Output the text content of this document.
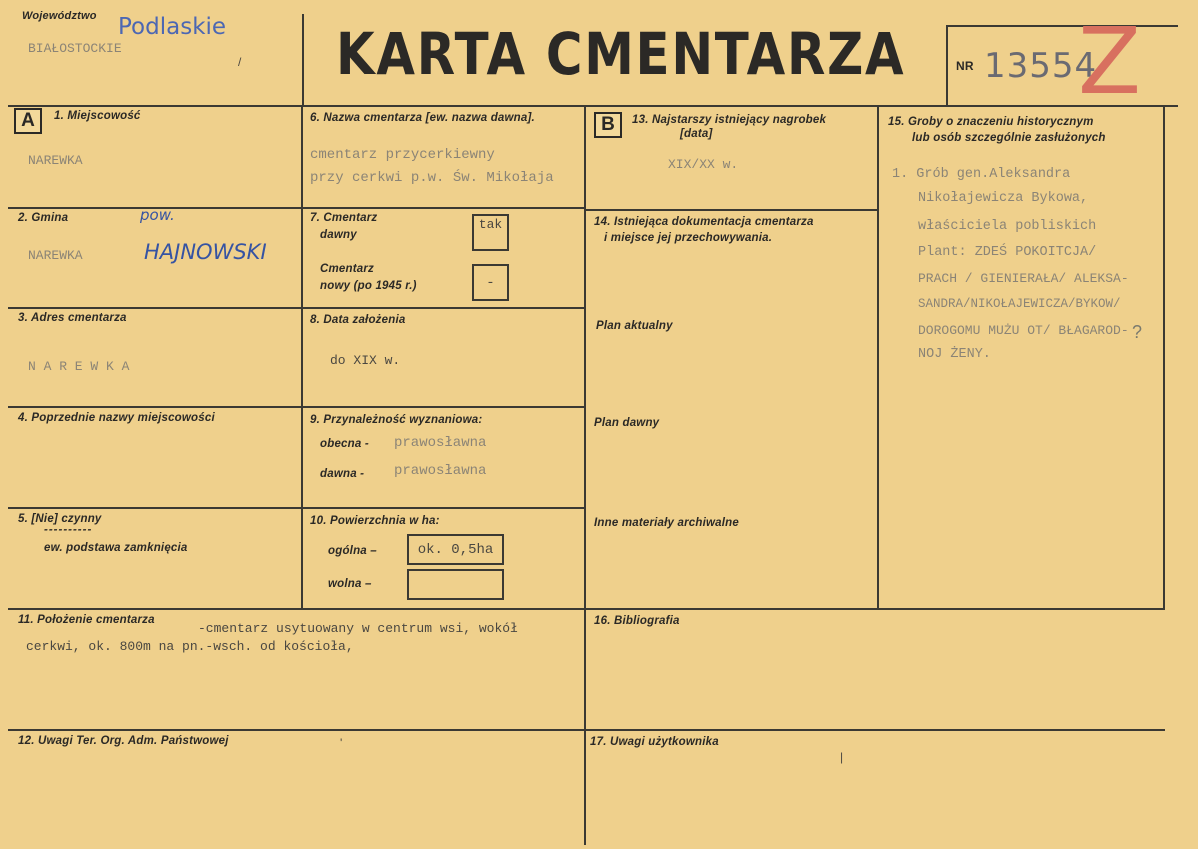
Województwo Podlaskie
BIAŁOSTOCKIE
/ KARTA CMENTARZA	NR 13554
Z
A	B
1. Miejscowość
NAREWKA
2. Gmina	pow.
NAREWKA	HAJNOWSKI
3. Adres cmentarza
N A R E W K A
4. Poprzednie nazwy miejscowości
5. [Nie] czynny
----------
ew. podstawa zamknięcia
6. Nazwa cmentarza [ew. nazwa dawna].
cmentarz przycerkiewny
przy cerkwi p.w. Św. Mikołaja
7. Cmentarz
dawny
tak
Cmentarz
nowy (po 1945 r.)	-
8. Data założenia
do XIX w.
9. Przynależność wyznaniowa:
obecna - prawosławna
dawna - prawosławna
10. Powierzchnia w ha:
ogólna –	ok. 0,5ha
wolna –
11. Położenie cmentarza
-cmentarz usytuowany w centrum wsi, wokół
cerkwi, ok. 800m na pn.-wsch. od kościoła,
12. Uwagi Ter. Org. Adm. Państwowej	'
13. Najstarszy istniejący nagrobek
[data]
XIX/XX w.
14. Istniejąca dokumentacja cmentarza
i miejsce jej przechowywania.
Plan aktualny
Plan dawny
Inne materiały archiwalne
15. Groby o znaczeniu historycznym
lub osób szczególnie zasłużonych
1. Grób gen.Aleksandra
Nikołajewicza Bykowa,
właściciela pobliskich
Plant: ZDEŚ POKOITCJA/
PRACH / GIENIERAŁA/ ALEKSA-
SANDRA/NIKOŁAJEWICZA/BYKOW/
DOROGOMU MUŻU OT/ BŁAGAROD-
NOJ ŻENY.
?
16. Bibliografia
17. Uwagi użytkownika
|
